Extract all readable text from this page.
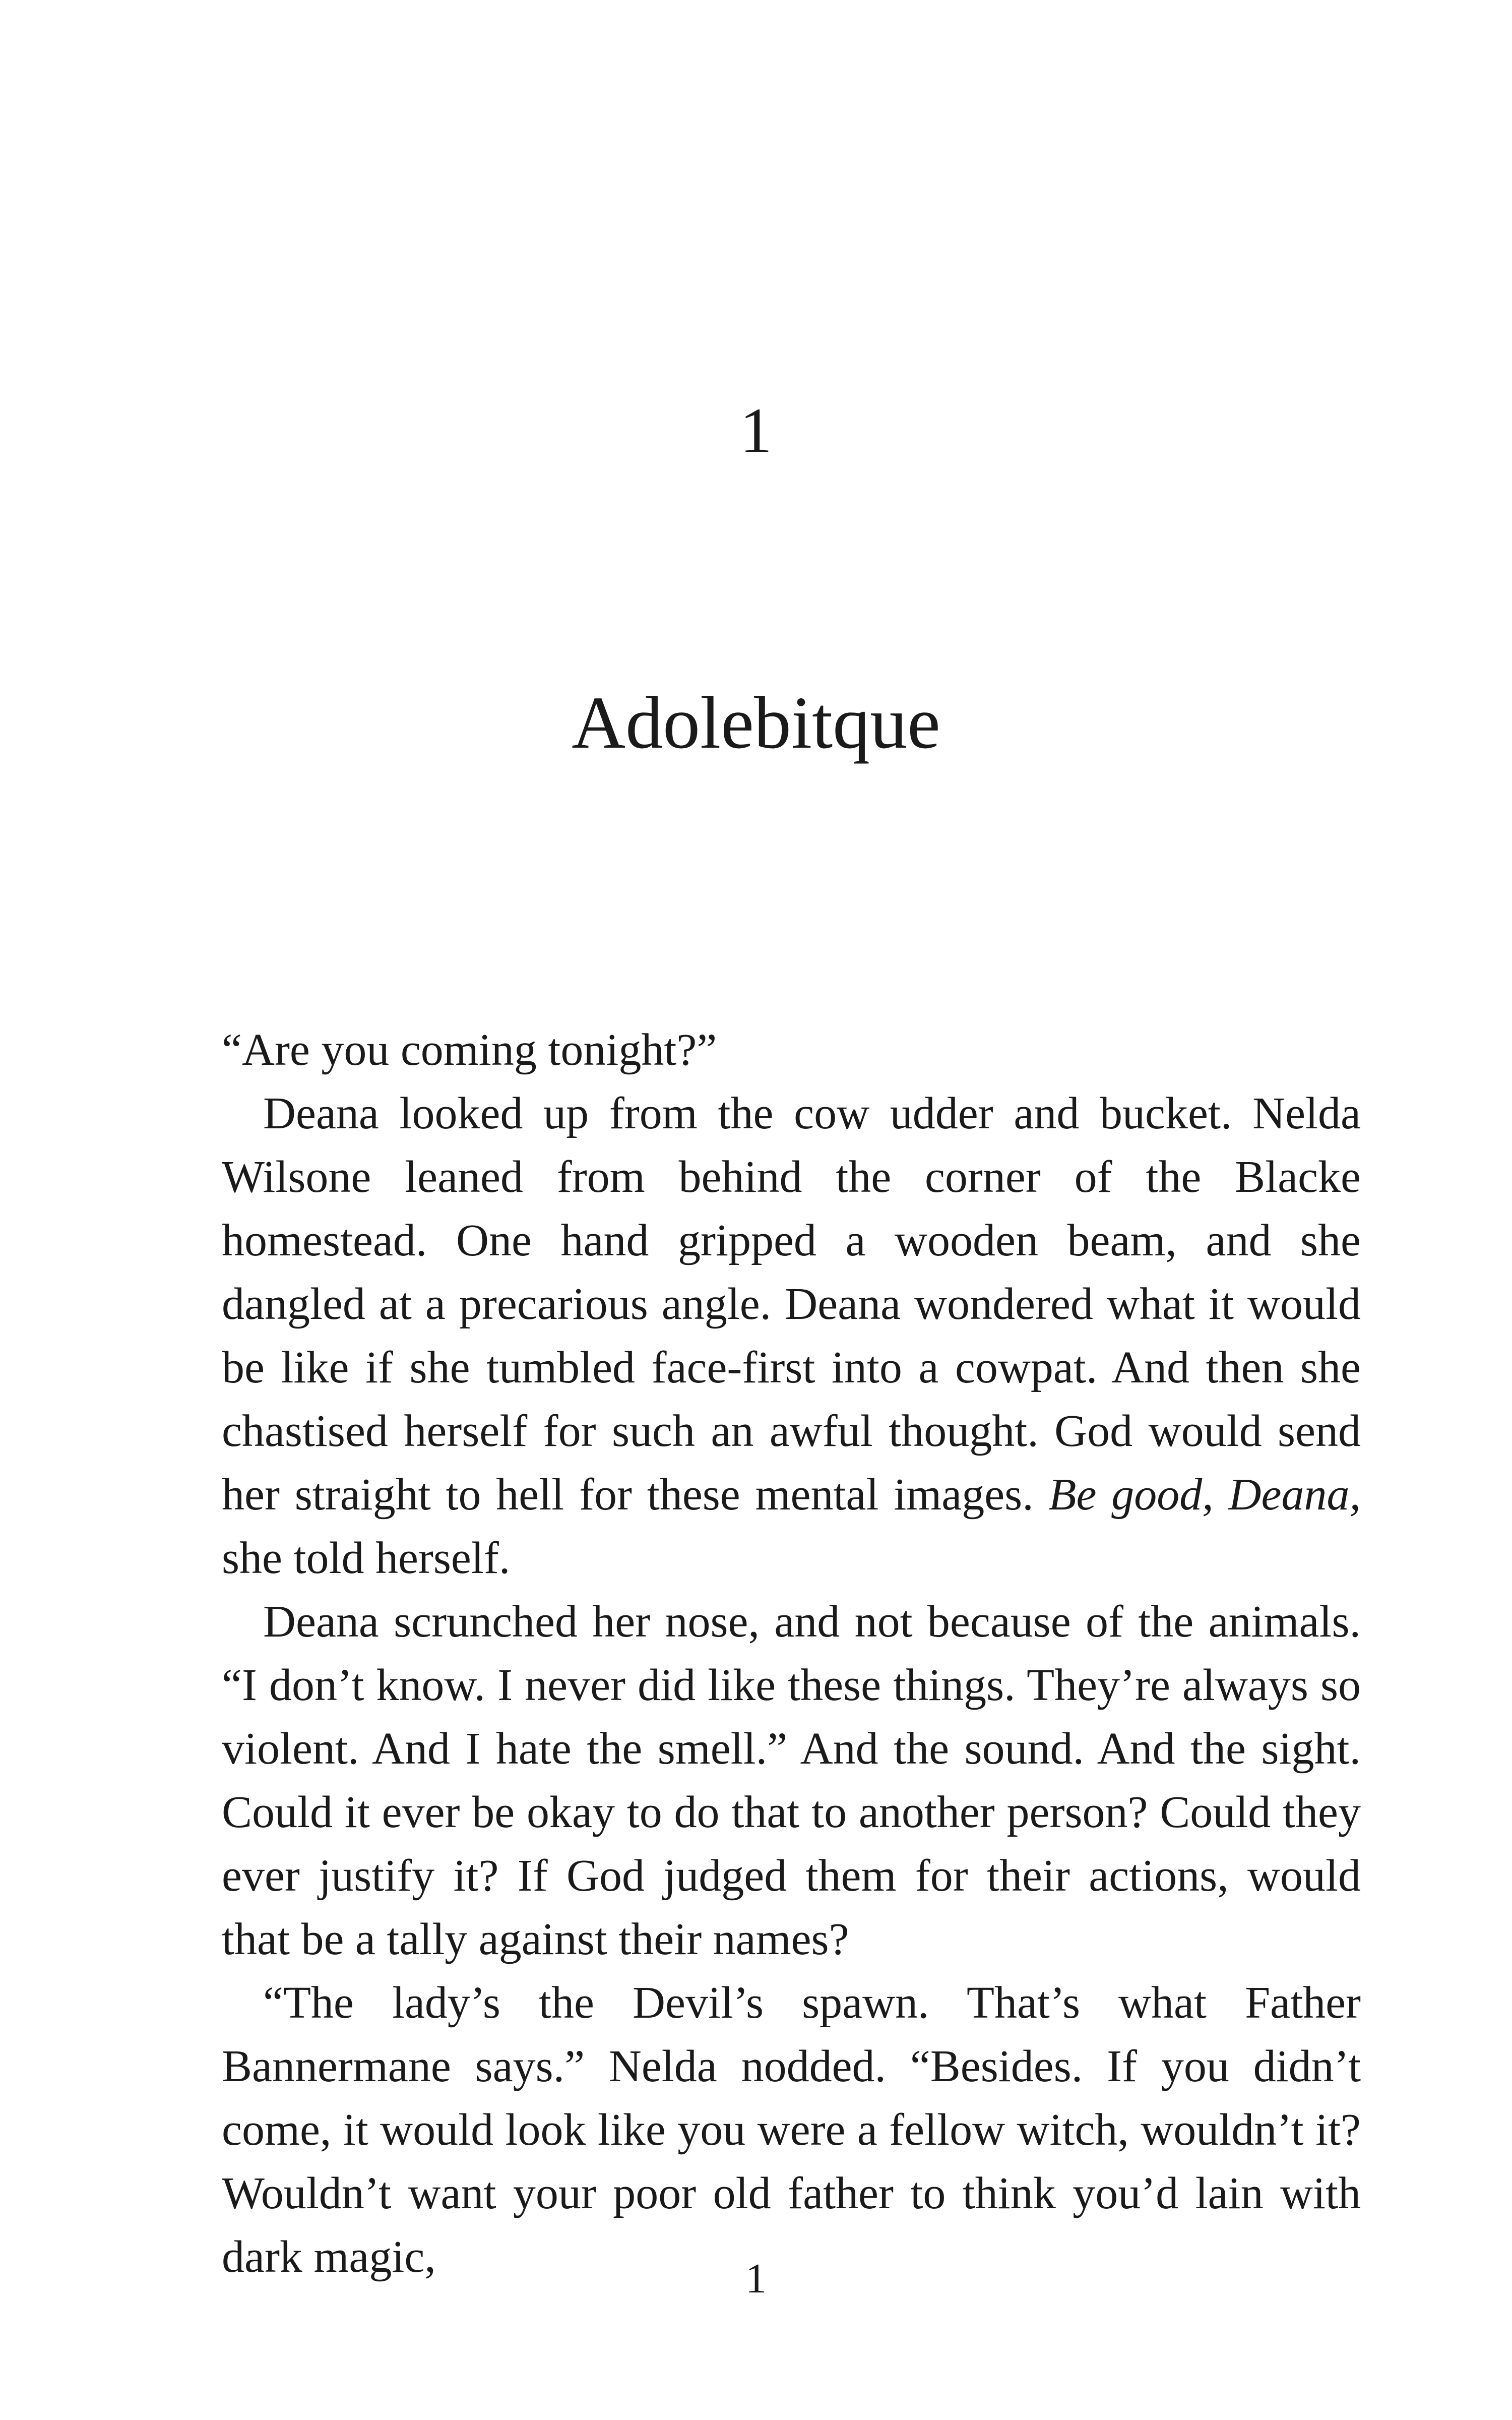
1
Adolebitque

“Are you coming tonight?”

Deana looked up from the cow udder and bucket. Nelda Wilsone leaned from behind the corner of the Blacke homestead. One hand gripped a wooden beam, and she dangled at a precarious angle. Deana wondered what it would be like if she tumbled face-first into a cowpat. And then she chastised herself for such an awful thought. God would send her straight to hell for these mental images. Be good, Deana, she told herself.

Deana scrunched her nose, and not because of the animals. “I don’t know. I never did like these things. They’re always so violent. And I hate the smell.” And the sound. And the sight. Could it ever be okay to do that to another person? Could they ever justify it? If God judged them for their actions, would that be a tally against their names?

“The lady’s the Devil’s spawn. That’s what Father Bannermane says.” Nelda nodded. “Besides. If you didn’t come, it would look like you were a fellow witch, wouldn’t it? Wouldn’t want your poor old father to think you’d lain with dark magic,	1
